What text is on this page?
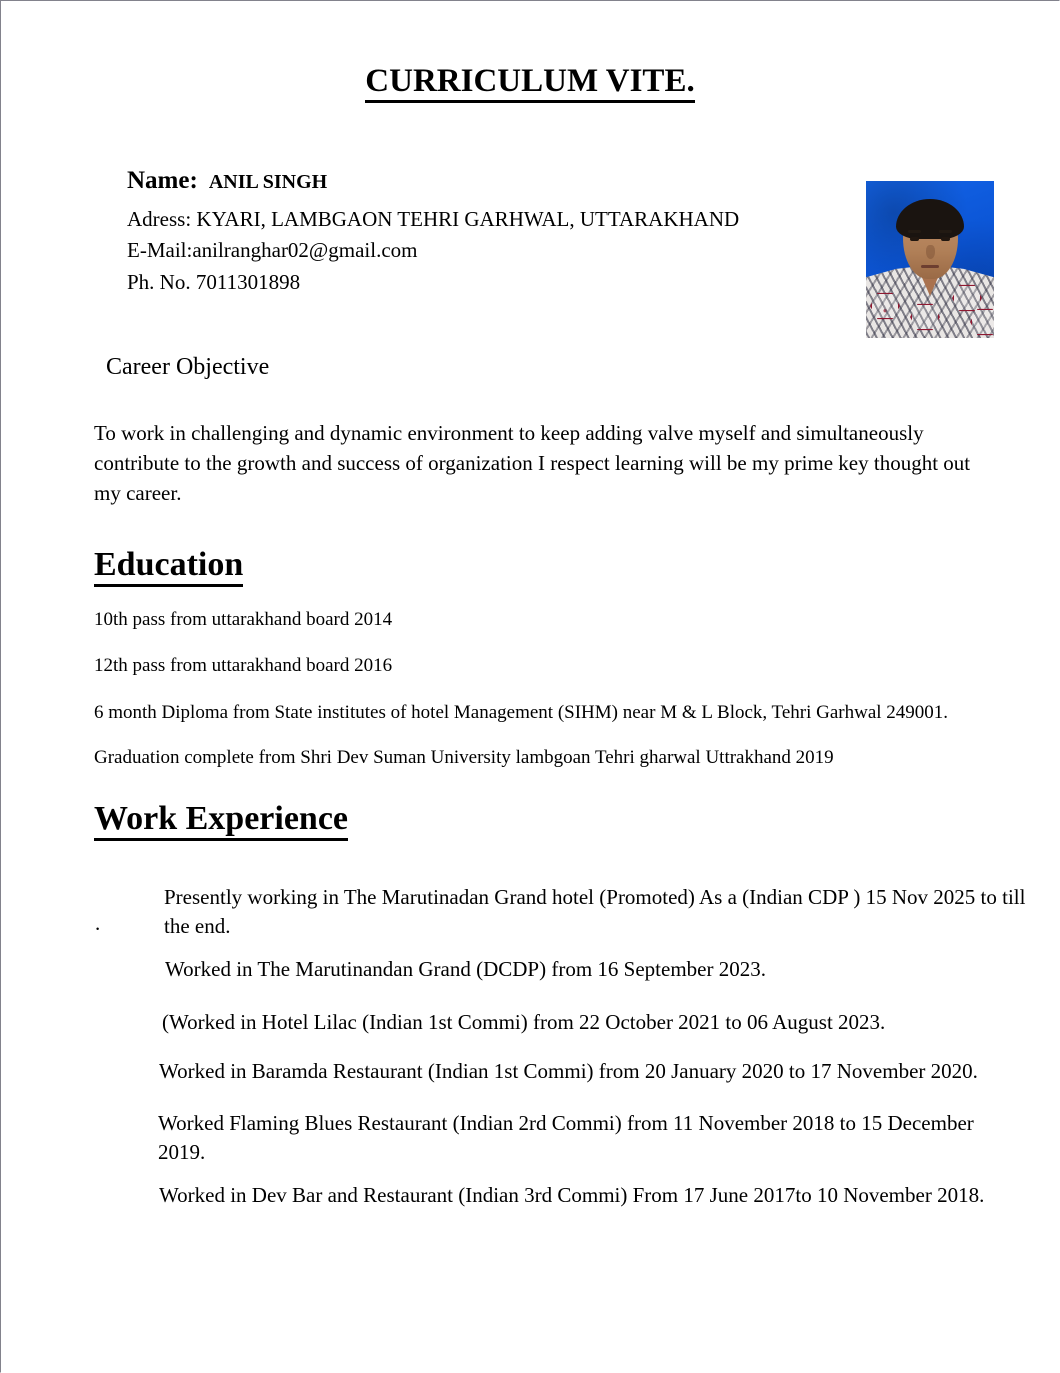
CURRICULUM VITE.
Name: ANIL SINGH
Adress: KYARI, LAMBGAON TEHRI GARHWAL, UTTARAKHAND
E-Mail:anilranghar02@gmail.com
Ph. No. 7011301898
Career Objective
To work in challenging and dynamic environment to keep adding valve myself and simultaneously contribute to the growth and success of organization I respect learning will be my prime key thought out my career.
Education
10th pass from uttarakhand board 2014
12th pass from uttarakhand board 2016
6 month Diploma from State institutes of hotel Management (SIHM) near M & L Block, Tehri Garhwal 249001.
Graduation complete from Shri Dev Suman University lambgoan Tehri gharwal Uttrakhand 2019
Work Experience
.
Presently working in The Marutinadan Grand hotel (Promoted) As a (Indian CDP ) 15 Nov 2025 to till the end.
Worked in The Marutinandan Grand (DCDP) from 16 September 2023.
(Worked in Hotel Lilac (Indian 1st Commi) from 22 October 2021 to 06 August 2023.
Worked in Baramda Restaurant (Indian 1st Commi) from 20 January 2020 to 17 November 2020.
Worked Flaming Blues Restaurant (Indian 2rd Commi) from 11 November 2018 to 15 December 2019.
Worked in Dev Bar and Restaurant (Indian 3rd Commi) From 17 June 2017to 10 November 2018.
